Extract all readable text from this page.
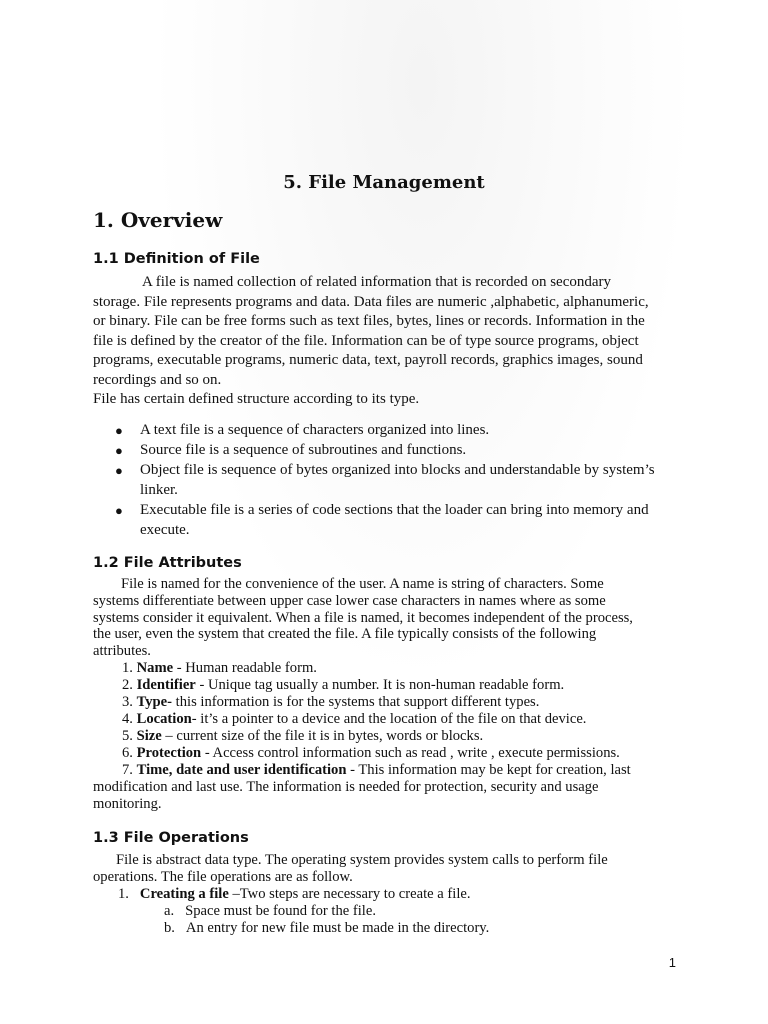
5. File Management
1. Overview
1.1 Definition of File
A file is named collection of related information that is recorded on secondary
storage. File represents programs and data. Data files are numeric ,alphabetic, alphanumeric,
or binary. File can be free forms such as text files, bytes, lines or records. Information in the
file is defined by the creator of the file. Information can be of type source programs, object
programs, executable programs, numeric data, text, payroll records, graphics images, sound
recordings and so on.
File has certain defined structure according to its type.
● A text file is a sequence of characters organized into lines.
● Source file is a sequence of subroutines and functions.
● Object file is sequence of bytes organized into blocks and understandable by system’s
linker.
● Executable file is a series of code sections that the loader can bring into memory and
execute.
1.2 File Attributes
File is named for the convenience of the user. A name is string of characters. Some
systems differentiate between upper case lower case characters in names where as some
systems consider it equivalent. When a file is named, it becomes independent of the process,
the user, even the system that created the file. A file typically consists of the following
attributes.
1. Name - Human readable form.
2. Identifier - Unique tag usually a number. It is non-human readable form.
3. Type- this information is for the systems that support different types.
4. Location- it’s a pointer to a device and the location of the file on that device.
5. Size – current size of the file it is in bytes, words or blocks.
6. Protection - Access control information such as read , write , execute permissions.
7. Time, date and user identification - This information may be kept for creation, last
modification and last use. The information is needed for protection, security and usage
monitoring.
1.3 File Operations
File is abstract data type. The operating system provides system calls to perform file
operations. The file operations are as follow.
1. Creating a file –Two steps are necessary to create a file.
a. Space must be found for the file.
b. An entry for new file must be made in the directory.
1
